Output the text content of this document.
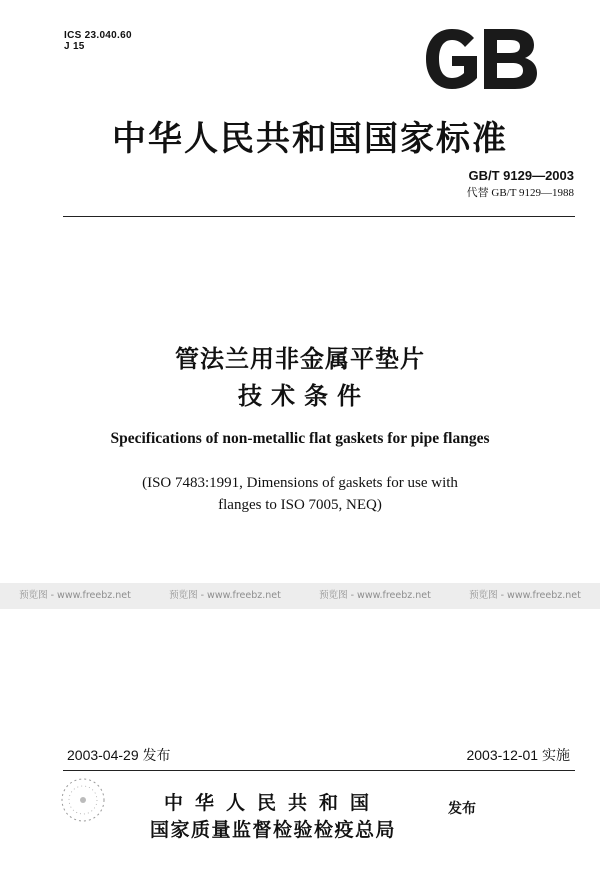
ICS 23.040.60
J 15
中华人民共和国国家标准
GB/T 9129—2003
代替 GB/T 9129—1988
管法兰用非金属平垫片
技术条件
Specifications of non-metallic flat gaskets for pipe flanges
(ISO 7483:1991, Dimensions of gaskets for use with
flanges to ISO 7005, NEQ)
预览图 - www.freebz.net	预览图 - www.freebz.net	预览图 - www.freebz.net	预览图 - www.freebz.net
2003-04-29 发布	2003-12-01 实施
中华人民共和国
国家质量监督检验检疫总局
发布
